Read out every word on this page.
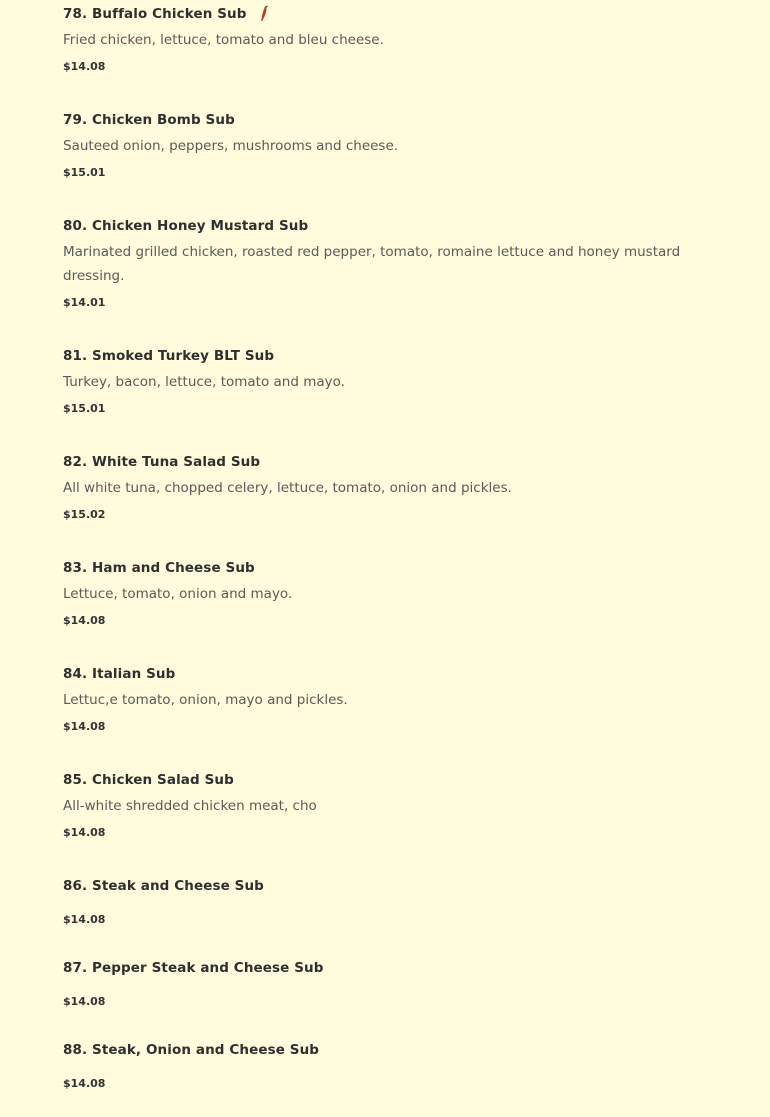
78. Buffalo Chicken Sub
Fried chicken, lettuce, tomato and bleu cheese.
$14.08
79. Chicken Bomb Sub
Sauteed onion, peppers, mushrooms and cheese.
$15.01
80. Chicken Honey Mustard Sub
Marinated grilled chicken, roasted red pepper, tomato, romaine lettuce and honey mustard dressing.
$14.01
81. Smoked Turkey BLT Sub
Turkey, bacon, lettuce, tomato and mayo.
$15.01
82. White Tuna Salad Sub
All white tuna, chopped celery, lettuce, tomato, onion and pickles.
$15.02
83. Ham and Cheese Sub
Lettuce, tomato, onion and mayo.
$14.08
84. Italian Sub
Lettuc,e tomato, onion, mayo and pickles.
$14.08
85. Chicken Salad Sub
All-white shredded chicken meat, cho
$14.08
86. Steak and Cheese Sub
$14.08
87. Pepper Steak and Cheese Sub
$14.08
88. Steak, Onion and Cheese Sub
$14.08
